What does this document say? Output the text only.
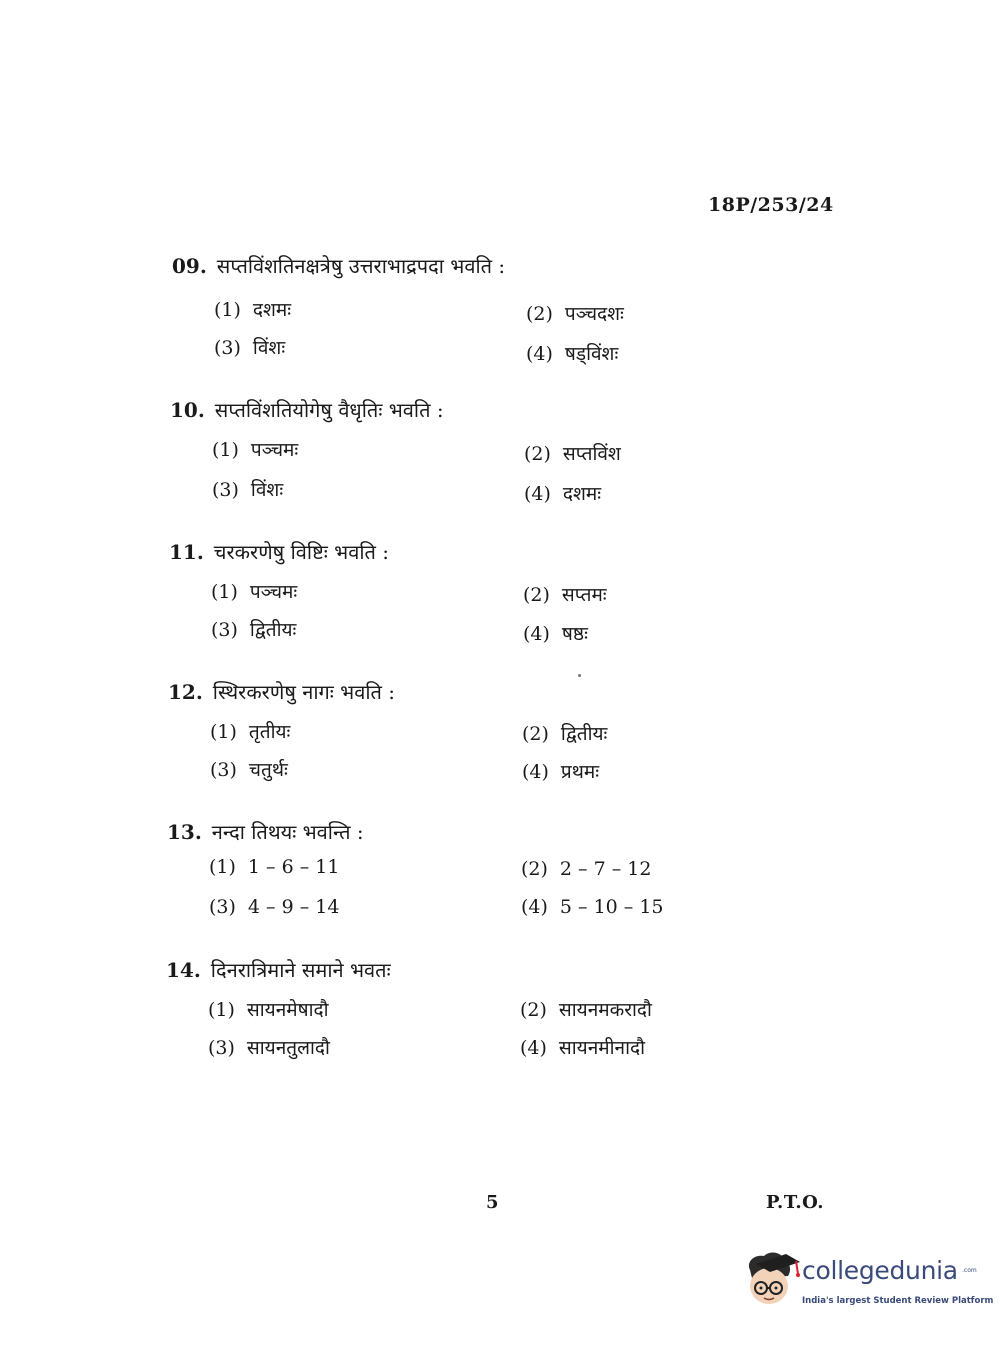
18P/253/24
09. सप्तविंशतिनक्षत्रेषु उत्तराभाद्रपदा भवति :
(1) दशमः	(2) पञ्चदशः
(3) विंशः	(4) षड्विंशः
10. सप्तविंशतियोगेषु वैधृतिः भवति :
(1) पञ्चमः	(2) सप्तविंश
(3) विंशः	(4) दशमः
11. चरकरणेषु विष्टिः भवति :
(1) पञ्चमः	(2) सप्तमः
(3) द्वितीयः	(4) षष्ठः
12. स्थिरकरणेषु नागः भवति :
(1) तृतीयः	(2) द्वितीयः
(3) चतुर्थः	(4) प्रथमः
13. नन्दा तिथयः भवन्ति :
(1) 1 – 6 – 11	(2) 2 – 7 – 12
(3) 4 – 9 – 14	(4) 5 – 10 – 15
14. दिनरात्रिमाने समाने भवतः
(1) सायनमेषादौ	(2) सायनमकरादौ
(3) सायनतुलादौ	(4) सायनमीनादौ
5	P.T.O.
collegedunia .com
India's largest Student Review Platform
